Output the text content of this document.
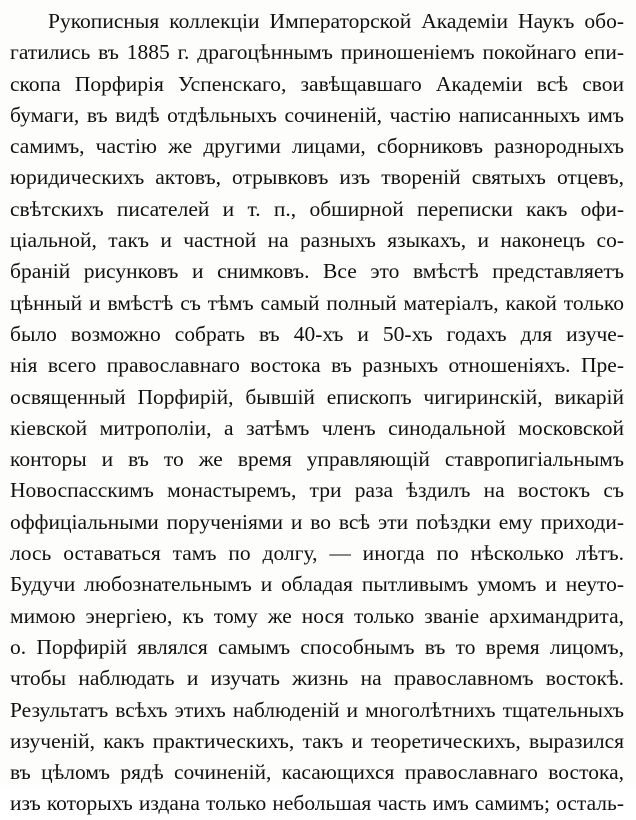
Рукописныя коллекціи Императорской Академіи Наукъ обо-
гатились въ 1885 г. драгоцѣннымъ приношеніемъ покойнаго епи-
скопа Порфирія Успенскаго, завѣщавшаго Академіи всѣ свои
бумаги, въ видѣ отдѣльныхъ сочиненій, частію написанныхъ имъ
самимъ, частію же другими лицами, сборниковъ разнородныхъ
юридическихъ актовъ, отрывковъ изъ твореній святыхъ отцевъ,
свѣтскихъ писателей и т. п., обширной переписки какъ офи-
ціальной, такъ и частной на разныхъ языкахъ, и наконецъ со-
браній рисунковъ и снимковъ. Все это вмѣстѣ представляетъ
цѣнный и вмѣстѣ съ тѣмъ самый полный матеріалъ, какой только
было возможно собрать въ 40-хъ и 50-хъ годахъ для изуче-
нія всего православнаго востока въ разныхъ отношеніяхъ. Пре-
освященный Порфирій, бывшій епископъ чигиринскій, викарій
кіевской митрополіи, а затѣмъ членъ синодальной московской
конторы и въ то же время управляющій ставропигіальнымъ
Новоспасскимъ монастыремъ, три раза ѣздилъ на востокъ съ
оффиціальными порученіями и во всѣ эти поѣздки ему приходи-
лось оставаться тамъ по долгу, — иногда по нѣсколько лѣтъ.
Будучи любознательнымъ и обладая пытливымъ умомъ и неуто-
мимою энергіею, къ тому же нося только званіе архимандрита,
о. Порфирій являлся самымъ способнымъ въ то время лицомъ,
чтобы наблюдать и изучать жизнь на православномъ востокѣ.
Результатъ всѣхъ этихъ наблюденій и многолѣтнихъ тщательныхъ
изученій, какъ практическихъ, такъ и теоретическихъ, выразился
въ цѣломъ рядѣ сочиненій, касающихся православнаго востока,
изъ которыхъ издана только небольшая часть имъ самимъ; осталь-
